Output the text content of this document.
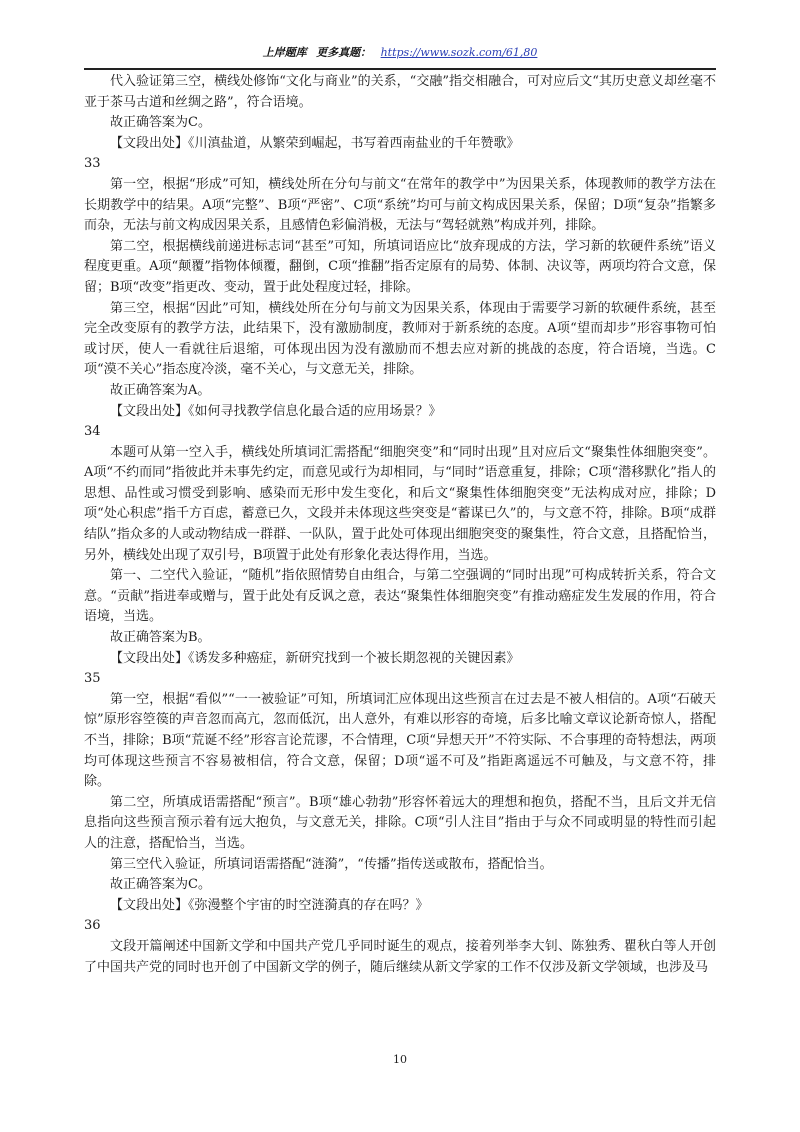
上岸题库 更多真题： https://www.sozk.com/61,80

代入验证第三空，横线处修饰“文化与商业”的关系，“交融”指交相融合，可对应后文“其历史意义却丝毫不亚于茶马古道和丝绸之路”，符合语境。

故正确答案为C。

【文段出处】《川滇盐道，从繁荣到崛起，书写着西南盐业的千年赞歌》

33

第一空，根据“形成”可知，横线处所在分句与前文“在常年的教学中”为因果关系，体现教师的教学方法在长期教学中的结果。A项“完整”、B项“严密”、C项“系统”均可与前文构成因果关系，保留；D项“复杂”指繁多而杂，无法与前文构成因果关系，且感情色彩偏消极，无法与“驾轻就熟”构成并列，排除。

第二空，根据横线前递进标志词“甚至”可知，所填词语应比“放弃现成的方法，学习新的软硬件系统”语义程度更重。A项“颠覆”指物体倾覆，翻倒，C项“推翻”指否定原有的局势、体制、决议等，两项均符合文意，保留；B项“改变”指更改、变动，置于此处程度过轻，排除。

第三空，根据“因此”可知，横线处所在分句与前文为因果关系，体现由于需要学习新的软硬件系统，甚至完全改变原有的教学方法，此结果下，没有激励制度，教师对于新系统的态度。A项“望而却步”形容事物可怕或讨厌，使人一看就往后退缩，可体现出因为没有激励而不想去应对新的挑战的态度，符合语境，当选。C项“漠不关心”指态度冷淡，毫不关心，与文意无关，排除。

故正确答案为A。

【文段出处】《如何寻找教学信息化最合适的应用场景？》

34

本题可从第一空入手，横线处所填词汇需搭配“细胞突变”和“同时出现”且对应后文“聚集性体细胞突变”。A项“不约而同”指彼此并未事先约定，而意见或行为却相同，与“同时”语意重复，排除；C项“潜移默化”指人的思想、品性或习惯受到影响、感染而无形中发生变化，和后文“聚集性体细胞突变”无法构成对应，排除；D项“处心积虑”指千方百虑，蓄意已久，文段并未体现这些突变是“蓄谋已久”的，与文意不符，排除。B项“成群结队”指众多的人或动物结成一群群、一队队，置于此处可体现出细胞突变的聚集性，符合文意，且搭配恰当，另外，横线处出现了双引号，B项置于此处有形象化表达得作用，当选。

第一、二空代入验证，“随机”指依照情势自由组合，与第二空强调的“同时出现”可构成转折关系，符合文意。“贡献”指进奉或赠与，置于此处有反讽之意，表达“聚集性体细胞突变”有推动癌症发生发展的作用，符合语境，当选。

故正确答案为B。

【文段出处】《诱发多种癌症，新研究找到一个被长期忽视的关键因素》

35

第一空，根据“看似”“一一被验证”可知，所填词汇应体现出这些预言在过去是不被人相信的。A项“石破天惊”原形容箜篌的声音忽而高亢，忽而低沉，出人意外，有难以形容的奇境，后多比喻文章议论新奇惊人，搭配不当，排除；B项“荒诞不经”形容言论荒谬，不合情理，C项“异想天开”不符实际、不合事理的奇特想法，两项均可体现这些预言不容易被相信，符合文意，保留；D项“遥不可及”指距离遥远不可触及，与文意不符，排除。

第二空，所填成语需搭配“预言”。B项“雄心勃勃”形容怀着远大的理想和抱负，搭配不当，且后文并无信息指向这些预言预示着有远大抱负，与文意无关，排除。C项“引人注目”指由于与众不同或明显的特性而引起人的注意，搭配恰当，当选。

第三空代入验证，所填词语需搭配“涟漪”，“传播”指传送或散布，搭配恰当。

故正确答案为C。

【文段出处】《弥漫整个宇宙的时空涟漪真的存在吗？》

36

文段开篇阐述中国新文学和中国共产党几乎同时诞生的观点，接着列举李大钊、陈独秀、瞿秋白等人开创了中国共产党的同时也开创了中国新文学的例子，随后继续从新文学家的工作不仅涉及新文学领域，也涉及马

10
